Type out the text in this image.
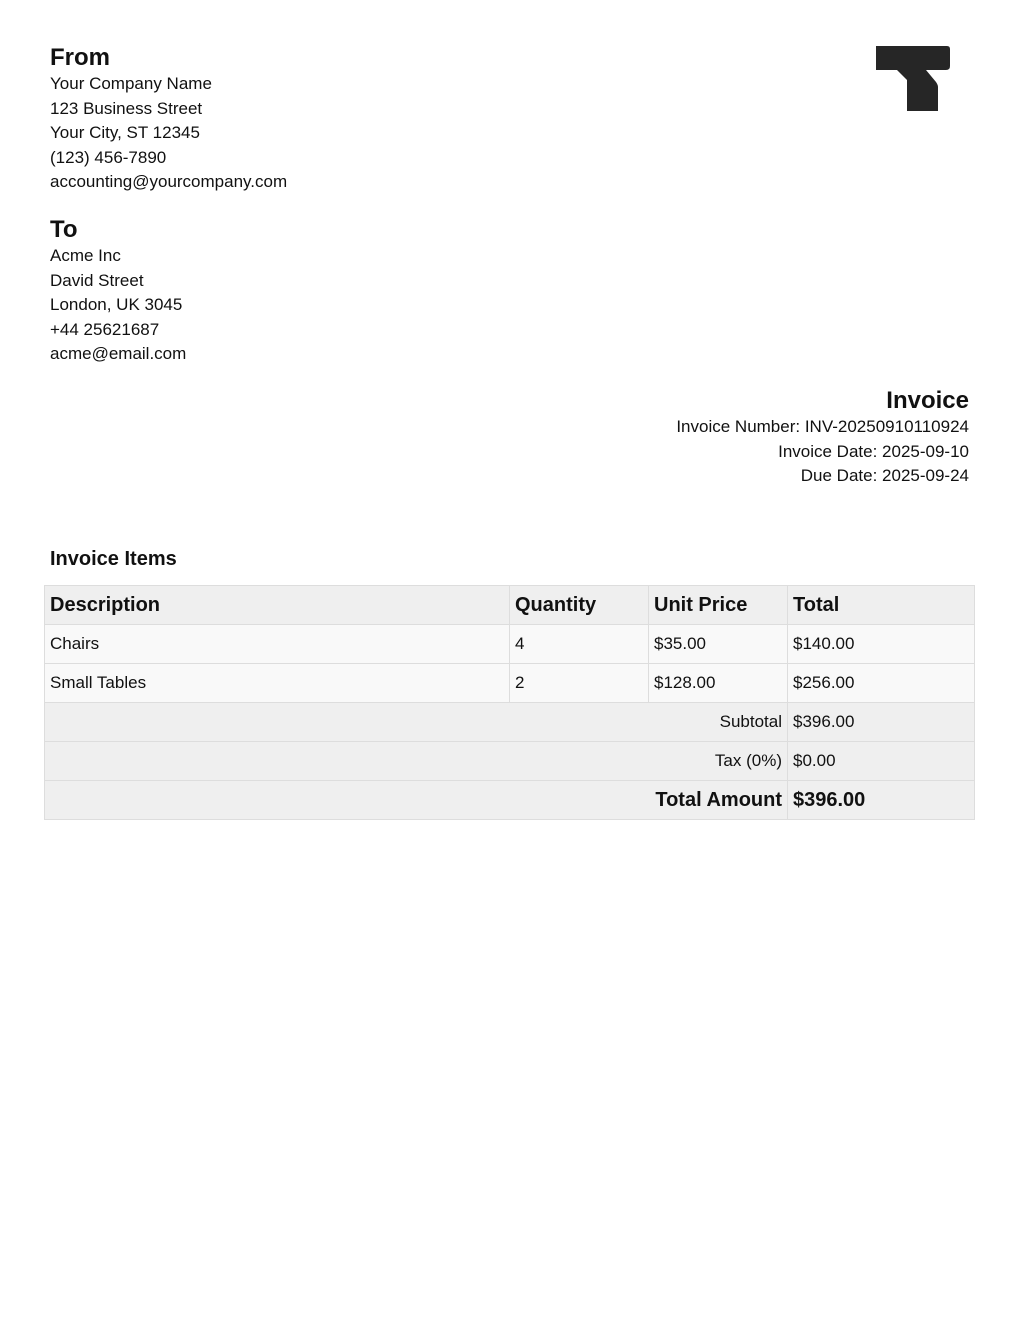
From
Your Company Name
123 Business Street
Your City, ST 12345
(123) 456-7890
accounting@yourcompany.com
To
Acme Inc
David Street
London, UK 3045
+44 25621687
acme@email.com
Invoice
Invoice Number: INV-20250910110924
Invoice Date: 2025-09-10
Due Date: 2025-09-24
Invoice Items
Description	Quantity	Unit Price	Total
Chairs	4	$35.00	$140.00
Small Tables	2	$128.00	$256.00
Subtotal			$396.00
Tax (0%)			$0.00
Total Amount			$396.00
